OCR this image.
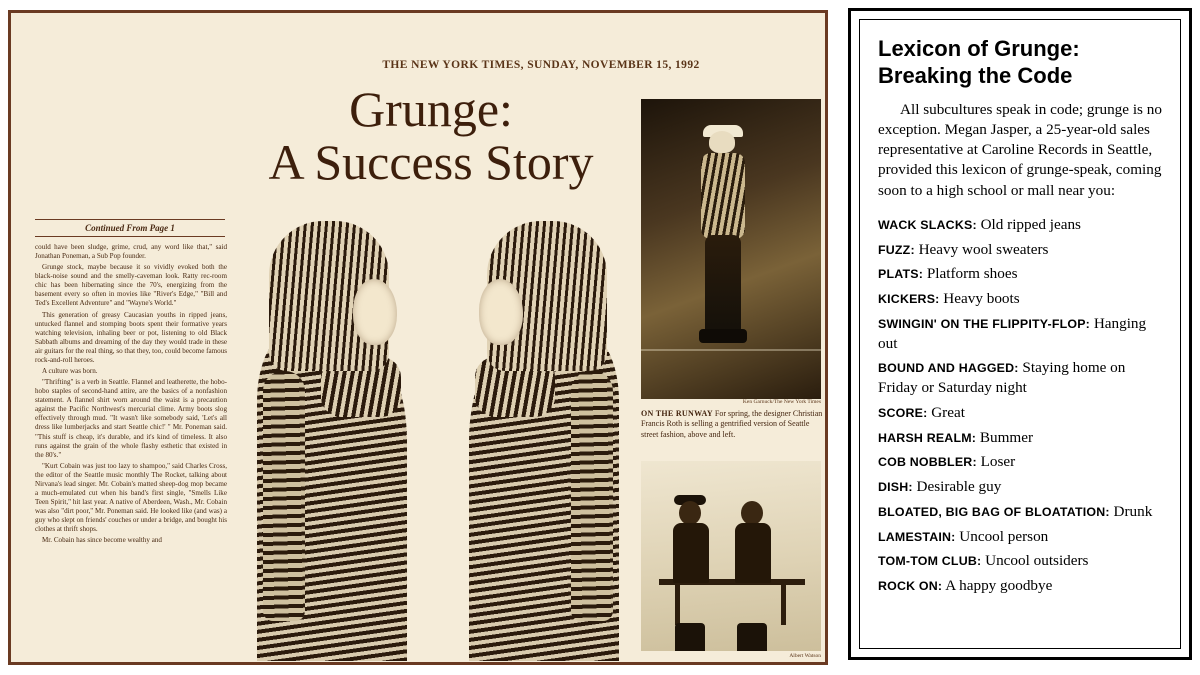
THE NEW YORK TIMES, SUNDAY, NOVEMBER 15, 1992
Grunge:
A Success Story
Continued From Page 1

could have been sludge, grime, crud, any word like that," said Jonathan Poneman, a Sub Pop founder.

Grunge stock, maybe because it so vividly evoked both the black-noise sound and the smelly-caveman look. Ratty rec-room chic has been hibernating since the 70's, energizing from the basement every so often in movies like "River's Edge," "Bill and Ted's Excellent Adventure" and "Wayne's World."

This generation of greasy Caucasian youths in ripped jeans, untucked flannel and stomping boots spent their formative years watching television, inhaling beer or pot, listening to old Black Sabbath albums and dreaming of the day they would trade in these air guitars for the real thing, so that they, too, could become famous rock-and-roll heroes.

A culture was born.

"Thrifting" is a verb in Seattle. Flannel and leatherette, the hobo-hobo staples of second-hand attire, are the basics of a nonfashion statement. A flannel shirt worn around the waist is a precaution against the Pacific Northwest's mercurial clime. Army boots slog effectively through mud. "It wasn't like somebody said, 'Let's all dress like lumberjacks and start Seattle chic!' " Mr. Poneman said. "This stuff is cheap, it's durable, and it's kind of timeless. It also runs against the grain of the whole flashy esthetic that existed in the 80's."

"Kurt Cobain was just too lazy to shampoo," said Charles Cross, the editor of the Seattle music monthly The Rocket, talking about Nirvana's lead singer. Mr. Cobain's matted sheep-dog mop became a much-emulated cut when his band's first single, "Smells Like Teen Spirit," hit last year. A native of Aberdeen, Wash., Mr. Cobain was also "dirt poor," Mr. Poneman said. He looked like (and was) a guy who slept on friends' couches or under a bridge, and bought his clothes at thrift shops.

Mr. Cobain has since become wealthy and

Ken Garnuck/The New York Times
ON THE RUNWAY For spring, the designer Christian Francis Roth is selling a gentrified version of Seattle street fashion, above and left.
Albert Watson
Lexicon of Grunge:
Breaking the Code

All subcultures speak in code; grunge is no exception. Megan Jasper, a 25-year-old sales representative at Caroline Records in Seattle, provided this lexicon of grunge-speak, coming soon to a high school or mall near you:

WACK SLACKS: Old ripped jeans
FUZZ: Heavy wool sweaters
PLATS: Platform shoes
KICKERS: Heavy boots
SWINGIN' ON THE FLIPPITY-FLOP: Hanging out
BOUND AND HAGGED: Staying home on Friday or Saturday night
SCORE: Great
HARSH REALM: Bummer
COB NOBBLER: Loser
DISH: Desirable guy
BLOATED, BIG BAG OF BLOATATION: Drunk
LAMESTAIN: Uncool person
TOM-TOM CLUB: Uncool outsiders
ROCK ON: A happy goodbye
